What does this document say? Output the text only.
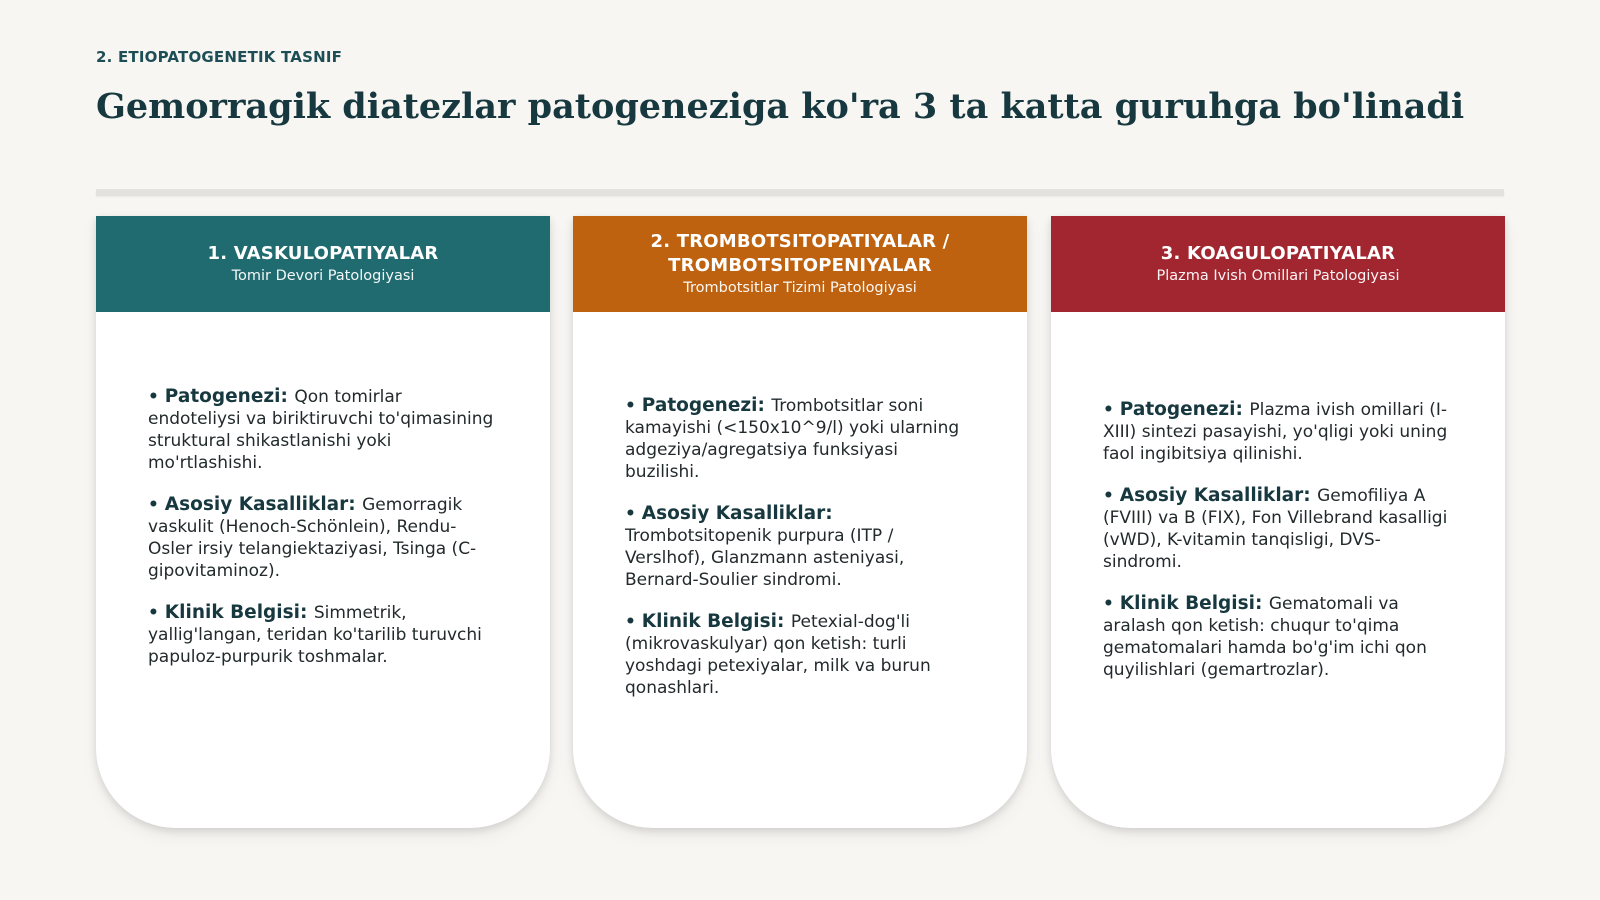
2. ETIOPATOGENETIK TASNIF
Gemorragik diatezlar patogeneziga ko'ra 3 ta katta guruhga bo'linadi
1. VASKULOPATIYALAR
Tomir Devori Patologiyasi
• Patogenezi: Qon tomirlar endoteliysi va biriktiruvchi to'qimasining struktural shikastlanishi yoki mo'rtlashishi.
• Asosiy Kasalliklar: Gemorragik vaskulit (Henoch-Schönlein), Rendu-Osler irsiy telangiektaziyasi, Tsinga (C-gipovitaminoz).
• Klinik Belgisi: Simmetrik, yallig'langan, teridan ko'tarilib turuvchi papuloz-purpurik toshmalar.
2. TROMBOTSITOPATIYALAR /
TROMBOTSITOPENIYALAR
Trombotsitlar Tizimi Patologiyasi
• Patogenezi: Trombotsitlar soni kamayishi (<150x10^9/l) yoki ularning adgeziya/agregatsiya funksiyasi buzilishi.
• Asosiy Kasalliklar: Trombotsitopenik purpura (ITP / Verslhof), Glanzmann asteniyasi, Bernard-Soulier sindromi.
• Klinik Belgisi: Petexial-dog'li (mikrovaskulyar) qon ketish: turli yoshdagi petexiyalar, milk va burun qonashlari.
3. KOAGULOPATIYALAR
Plazma Ivish Omillari Patologiyasi
• Patogenezi: Plazma ivish omillari (I-XIII) sintezi pasayishi, yo'qligi yoki uning faol ingibitsiya qilinishi.
• Asosiy Kasalliklar: Gemofiliya A (FVIII) va B (FIX), Fon Villebrand kasalligi (vWD), K-vitamin tanqisligi, DVS-sindromi.
• Klinik Belgisi: Gematomali va aralash qon ketish: chuqur to'qima gematomalari hamda bo'g'im ichi qon quyilishlari (gemartrozlar).
